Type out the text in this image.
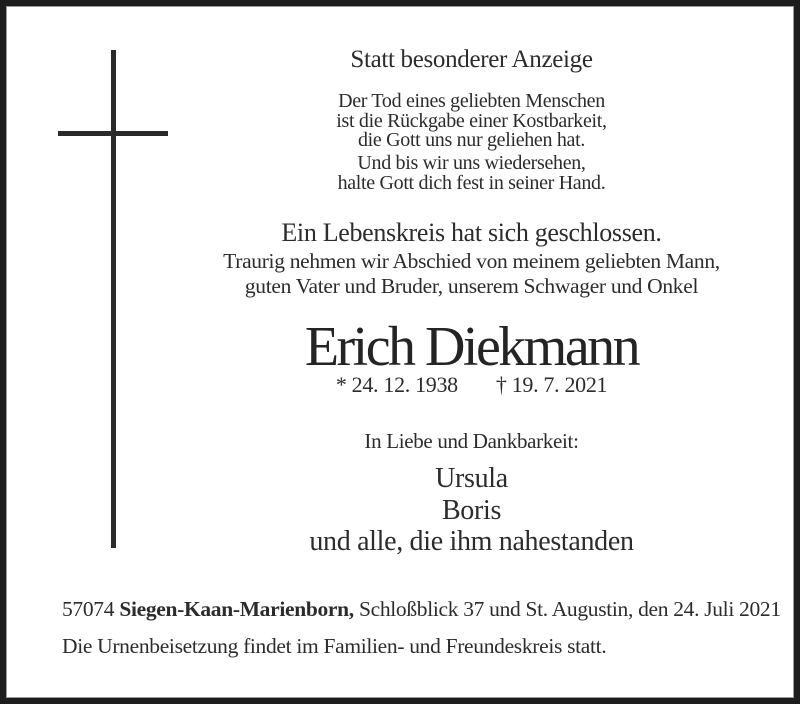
Statt besonderer Anzeige
Der Tod eines geliebten Menschen
ist die Rückgabe einer Kostbarkeit,
die Gott uns nur geliehen hat.
Und bis wir uns wiedersehen,
halte Gott dich fest in seiner Hand.
Ein Lebenskreis hat sich geschlossen.
Traurig nehmen wir Abschied von meinem geliebten Mann,
guten Vater und Bruder, unserem Schwager und Onkel
Erich Diekmann
* 24. 12. 1938 † 19. 7. 2021
In Liebe und Dankbarkeit:
Ursula
Boris
und alle, die ihm nahestanden
57074 Siegen-Kaan-Marienborn, Schloßblick 37 und St. Augustin, den 24. Juli 2021
Die Urnenbeisetzung findet im Familien- und Freundeskreis statt.
